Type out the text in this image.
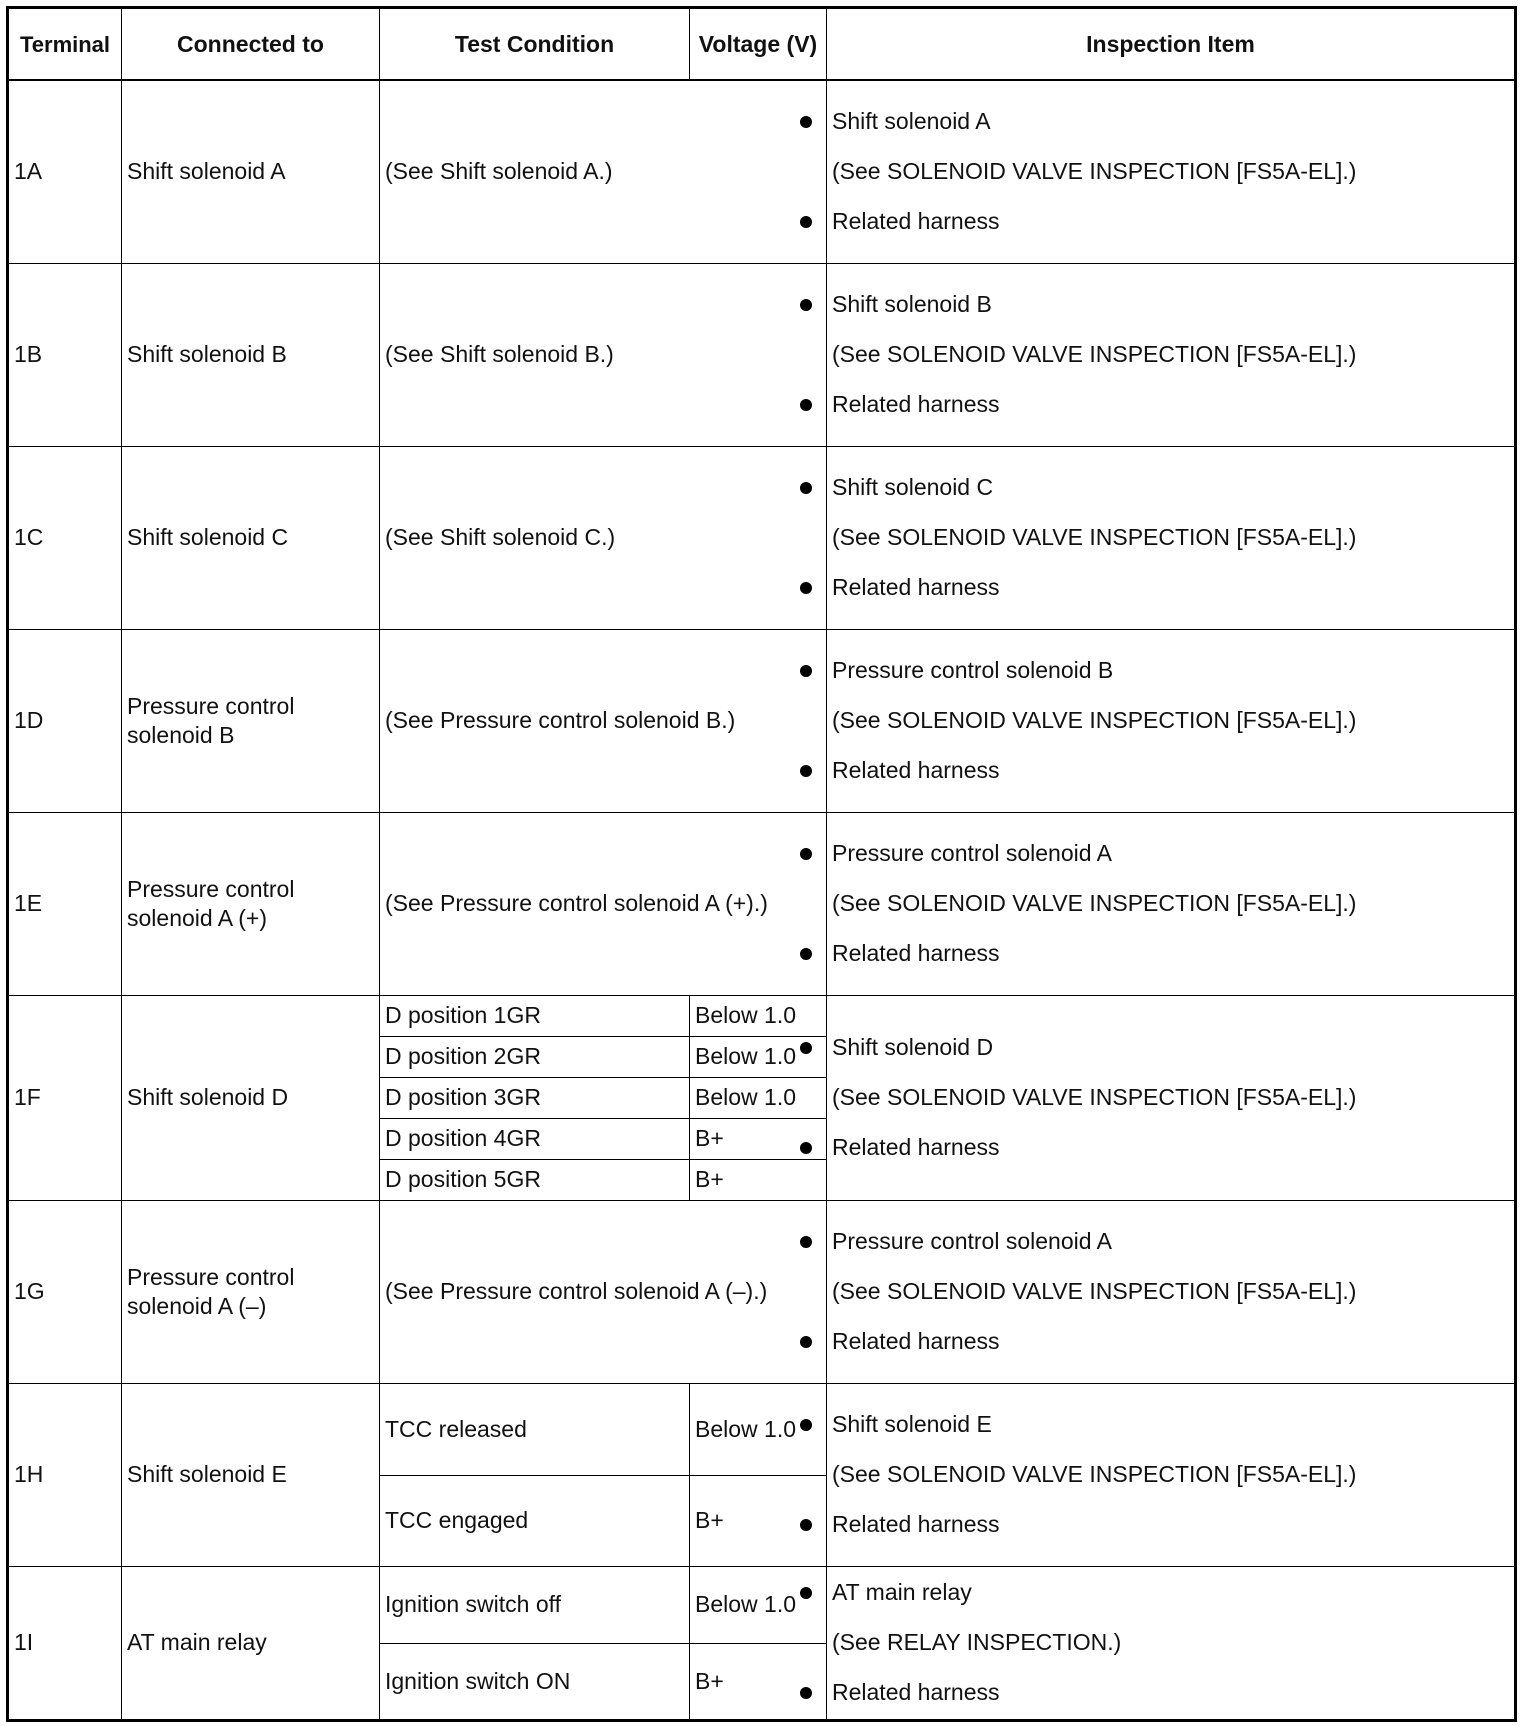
Terminal	Connected to	Test Condition	Voltage (V)	Inspection Item
1A	Shift solenoid A	(See Shift solenoid A.)		Shift solenoid A
(See SOLENOID VALVE INSPECTION [FS5A-EL].)
Related harness

1B	Shift solenoid B	(See Shift solenoid B.)		Shift solenoid B
(See SOLENOID VALVE INSPECTION [FS5A-EL].)
Related harness

1C	Shift solenoid C	(See Shift solenoid C.)		Shift solenoid C
(See SOLENOID VALVE INSPECTION [FS5A-EL].)
Related harness

1D	Pressure control solenoid B	(See Pressure control solenoid B.)		Pressure control solenoid B
(See SOLENOID VALVE INSPECTION [FS5A-EL].)
Related harness

1E	Pressure control solenoid A (+)	(See Pressure control solenoid A (+).)		Pressure control solenoid A
(See SOLENOID VALVE INSPECTION [FS5A-EL].)
Related harness

1F	Shift solenoid D	D position 1GR	Below 1.0	Shift solenoid D
(See SOLENOID VALVE INSPECTION [FS5A-EL].)
Related harness

		D position 2GR	Below 1.0	
		D position 3GR	Below 1.0	
		D position 4GR	B+	
		D position 5GR	B+	
1G	Pressure control solenoid A (–)	(See Pressure control solenoid A (–).)		Pressure control solenoid A
(See SOLENOID VALVE INSPECTION [FS5A-EL].)
Related harness

1H	Shift solenoid E	TCC released	Below 1.0	Shift solenoid E
(See SOLENOID VALVE INSPECTION [FS5A-EL].)
Related harness

		TCC engaged	B+	
1I	AT main relay	Ignition switch off	Below 1.0	AT main relay
(See RELAY INSPECTION.)
Related harness

		Ignition switch ON	B+	
